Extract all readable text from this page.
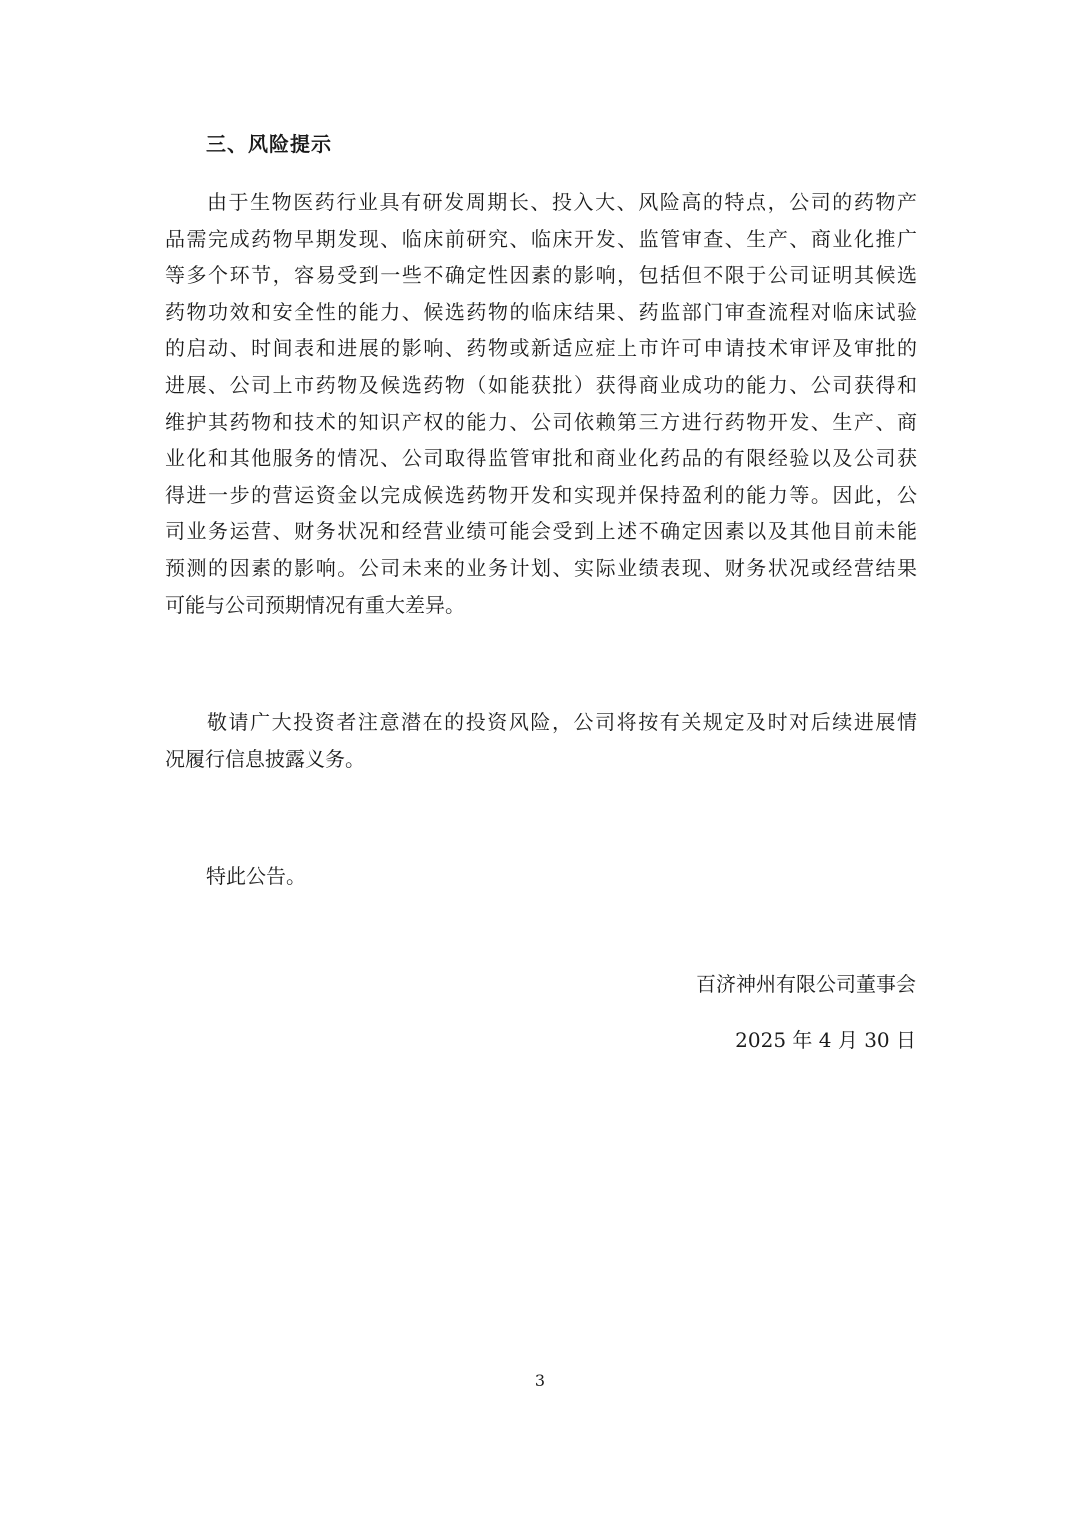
三、风险提示
由于生物医药行业具有研发周期长、投入大、风险高的特点，公司的药物产
品需完成药物早期发现、临床前研究、临床开发、监管审查、生产、商业化推广
等多个环节，容易受到一些不确定性因素的影响，包括但不限于公司证明其候选
药物功效和安全性的能力、候选药物的临床结果、药监部门审查流程对临床试验
的启动、时间表和进展的影响、药物或新适应症上市许可申请技术审评及审批的
进展、公司上市药物及候选药物（如能获批）获得商业成功的能力、公司获得和
维护其药物和技术的知识产权的能力、公司依赖第三方进行药物开发、生产、商
业化和其他服务的情况、公司取得监管审批和商业化药品的有限经验以及公司获
得进一步的营运资金以完成候选药物开发和实现并保持盈利的能力等。因此，公
司业务运营、财务状况和经营业绩可能会受到上述不确定因素以及其他目前未能
预测的因素的影响。公司未来的业务计划、实际业绩表现、财务状况或经营结果
可能与公司预期情况有重大差异。
敬请广大投资者注意潜在的投资风险，公司将按有关规定及时对后续进展情
况履行信息披露义务。
特此公告。
百济神州有限公司董事会
2025 年 4 月 30 日
3
